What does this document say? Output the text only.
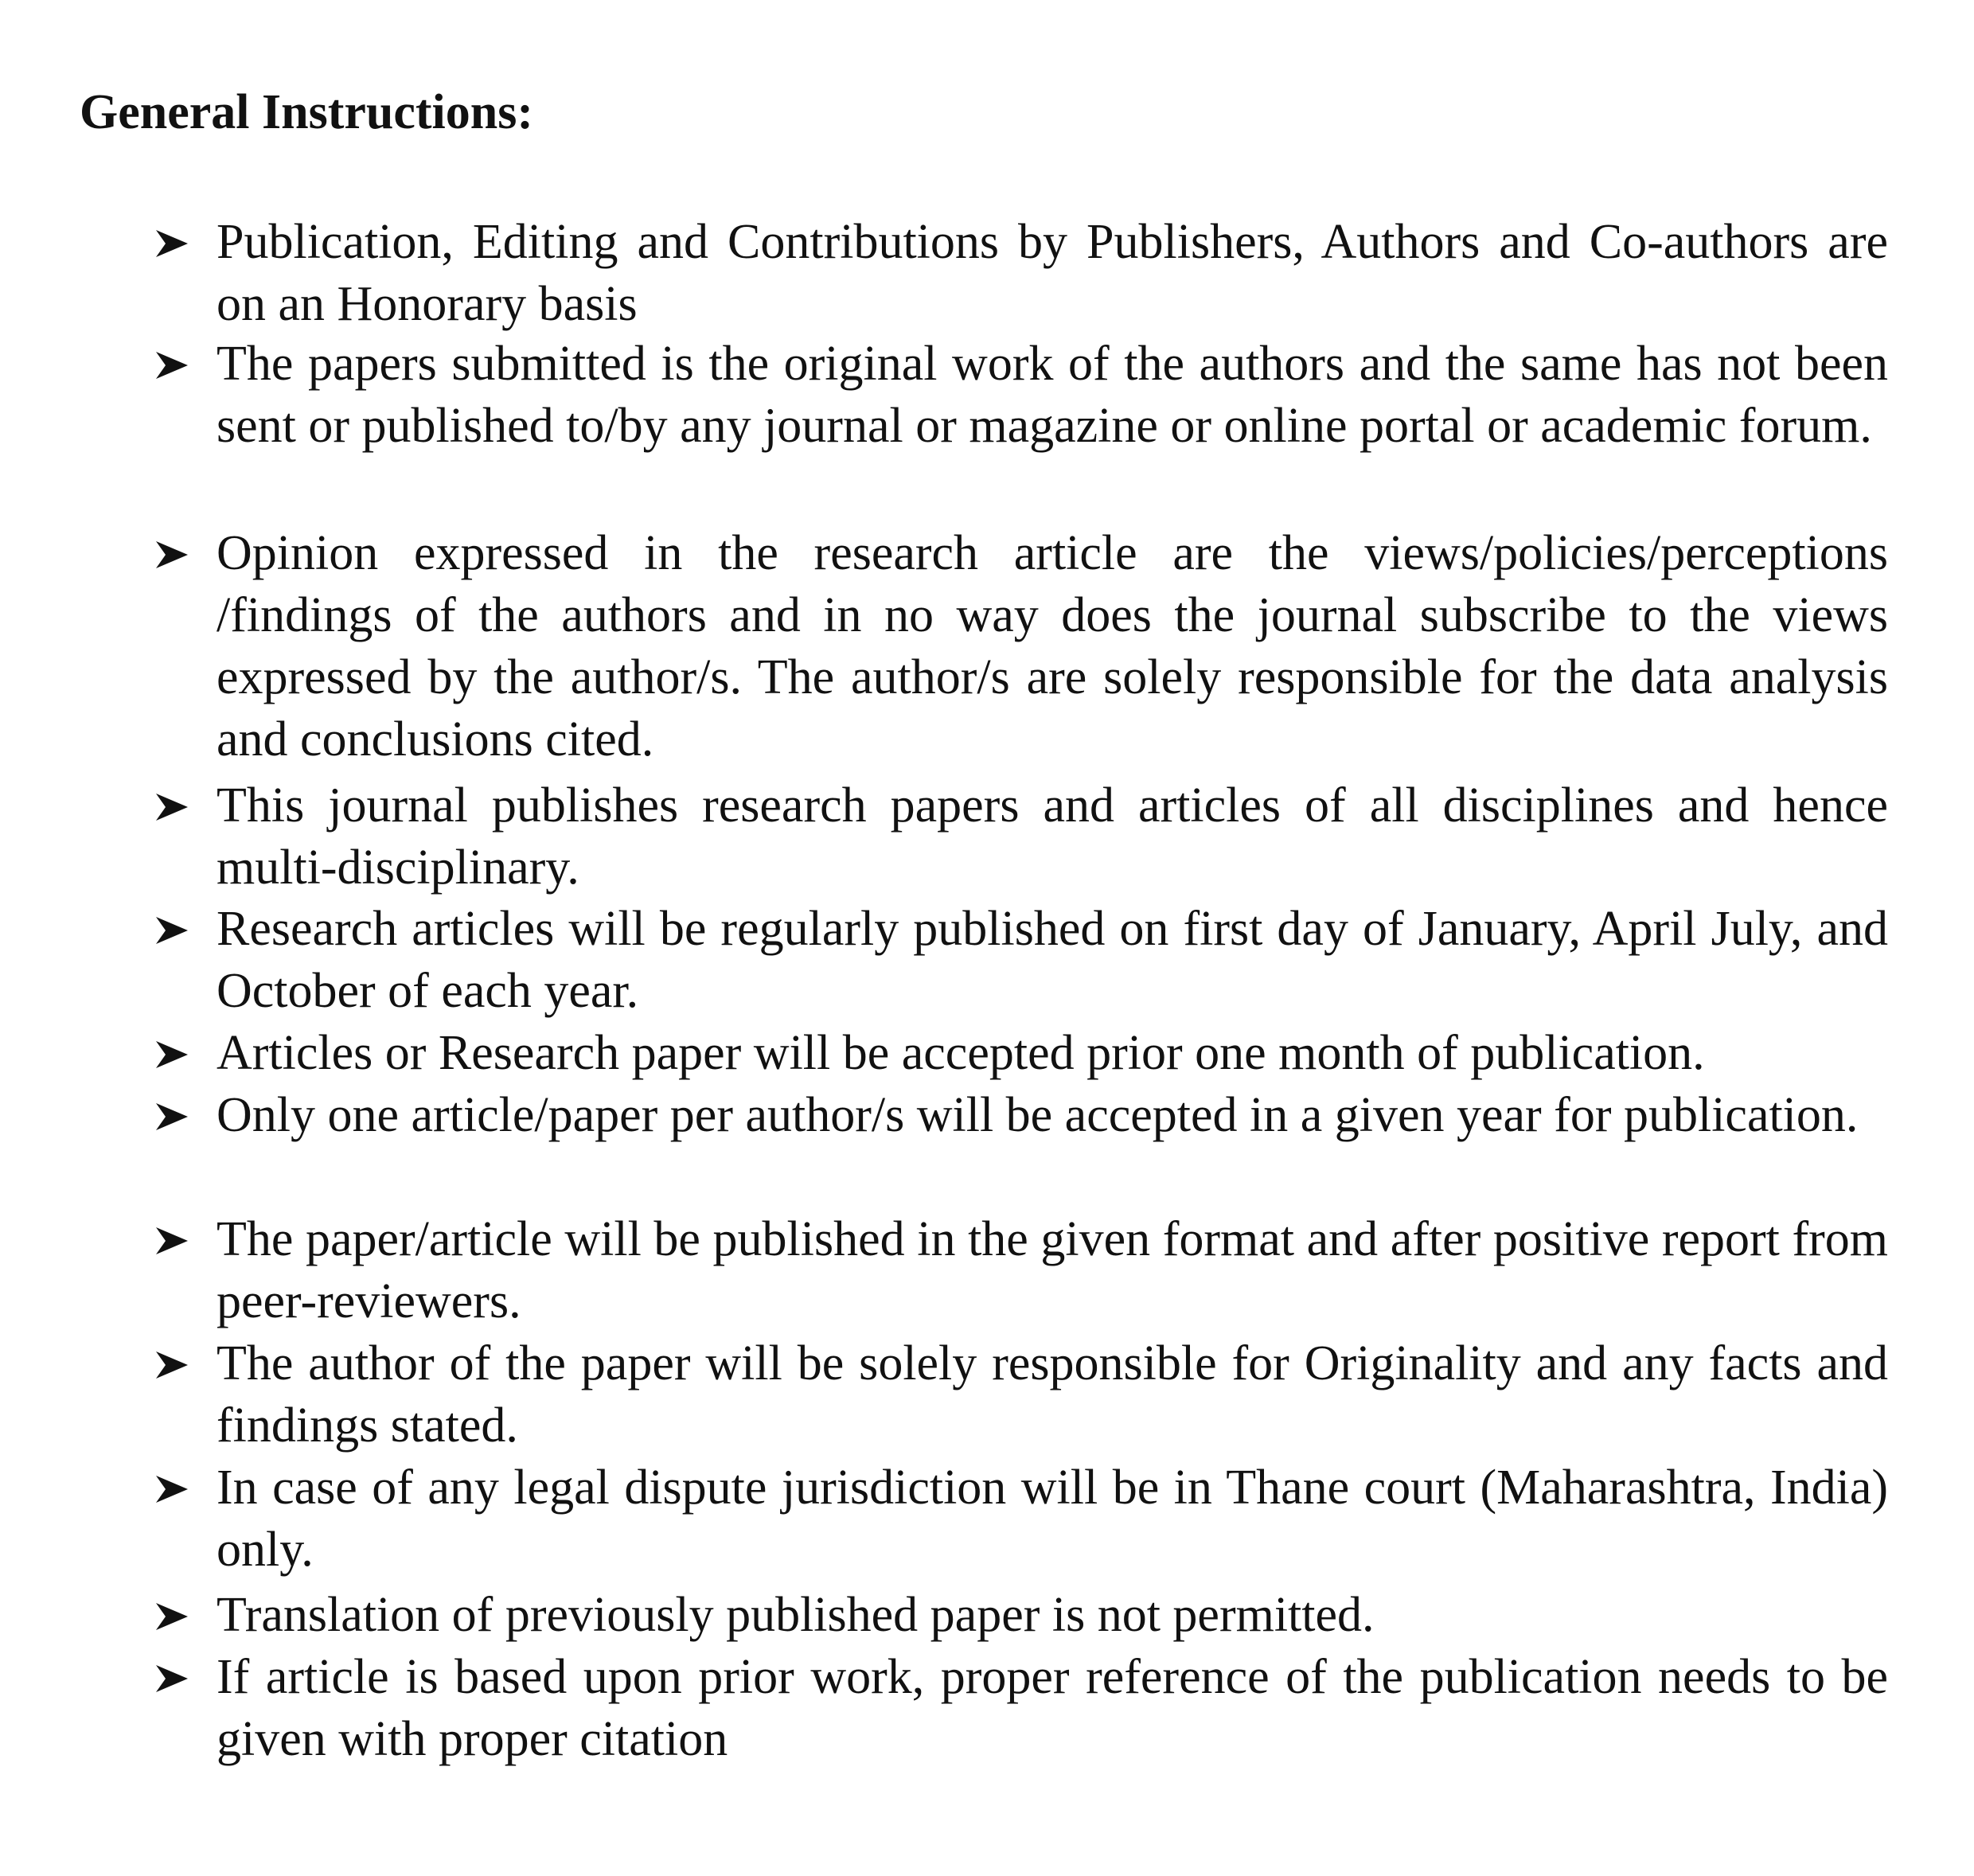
General Instructions:
Publication, Editing and Contributions by Publishers, Authors and Co-authors are on an Honorary basis
The papers submitted is the original work of the authors and the same has not been sent or published to/by any journal or magazine or online portal or academic forum.
Opinion expressed in the research article are the views/policies/perceptions /findings of the authors and in no way does the journal subscribe to the views expressed by the author/s. The author/s are solely responsible for the data analysis and conclusions cited.
This journal publishes research papers and articles of all disciplines and hence multi-disciplinary.
Research articles will be regularly published on first day of January, April July, and October of each year.
Articles or Research paper will be accepted prior one month of publication.
Only one article/paper per author/s will be accepted in a given year for publication.
The paper/article will be published in the given format and after positive report from peer-reviewers.
The author of the paper will be solely responsible for Originality and any facts and findings stated.
In case of any legal dispute jurisdiction will be in Thane court (Maharashtra, India) only.
Translation of previously published paper is not permitted.
If article is based upon prior work, proper reference of the publication needs to be given with proper citation
